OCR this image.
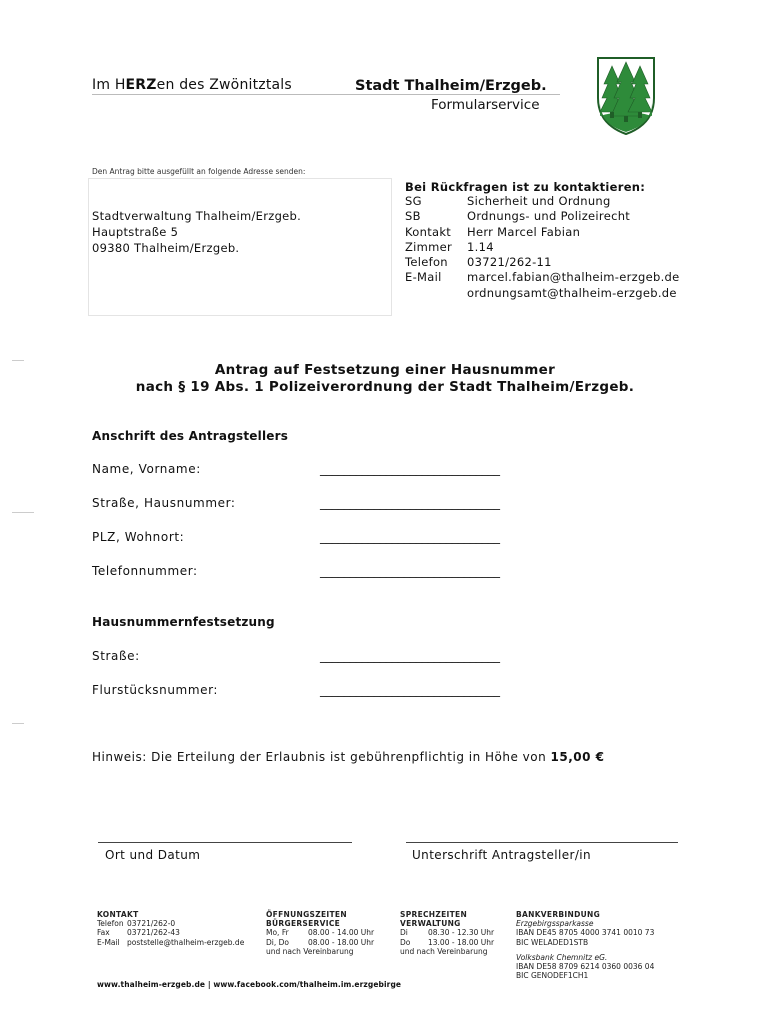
Im HERZen des Zwönitztals	Stadt Thalheim/Erzgeb.
Formularservice
Den Antrag bitte ausgefüllt an folgende Adresse senden:
Stadtverwaltung Thalheim/Erzgeb.
Hauptstraße 5
09380 Thalheim/Erzgeb.
Bei Rückfragen ist zu kontaktieren:
SG	Sicherheit und Ordnung
SB	Ordnungs- und Polizeirecht
Kontakt	Herr Marcel Fabian
Zimmer	1.14
Telefon	03721/262-11
E-Mail	marcel.fabian@thalheim-erzgeb.de
ordnungsamt@thalheim-erzgeb.de
Antrag auf Festsetzung einer Hausnummer
nach § 19 Abs. 1 Polizeiverordnung der Stadt Thalheim/Erzgeb.
Anschrift des Antragstellers
Name, Vorname:	______________________________
Straße, Hausnummer:	______________________________
PLZ, Wohnort:	______________________________
Telefonnummer:	______________________________
Hausnummernfestsetzung
Straße:	______________________________
Flurstücksnummer:	______________________________
Hinweis: Die Erteilung der Erlaubnis ist gebührenpflichtig in Höhe von 15,00 €
Ort und Datum	Unterschrift Antragsteller/in
KONTAKT
Telefon 03721/262-0
Fax	03721/262-43
E-Mail poststelle@thalheim-erzgeb.de
ÖFFNUNGSZEITEN
BÜRGERSERVICE
Mo, Fr	08.00 - 14.00 Uhr
Di, Do	08.00 - 18.00 Uhr
und nach Vereinbarung
SPRECHZEITEN
VERWALTUNG
Di	08.30 - 12.30 Uhr
Do	13.00 - 18.00 Uhr
und nach Vereinbarung
BANKVERBINDUNG
Erzgebirgssparkasse
IBAN DE45 8705 4000 3741 0010 73
BIC WELADED1STB
Volksbank Chemnitz eG.
IBAN DE58 8709 6214 0360 0036 04
BIC GENODEF1CH1
www.thalheim-erzgeb.de | www.facebook.com/thalheim.im.erzgebirge
